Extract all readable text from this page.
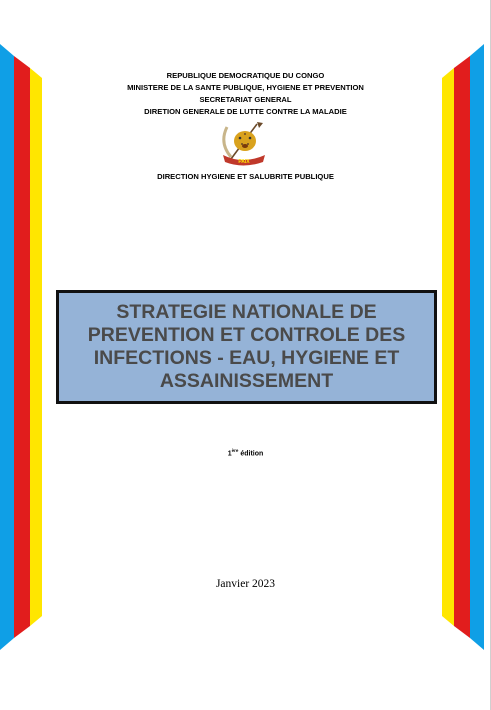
REPUBLIQUE DEMOCRATIQUE DU CONGO
MINISTERE DE LA SANTE PUBLIQUE, HYGIENE ET PREVENTION
SECRETARIAT GENERAL
DIRETION GENERALE DE LUTTE CONTRE LA MALADIE
PAIX
DIRECTION HYGIENE ET SALUBRITE PUBLIQUE

STRATEGIE NATIONALE DE PREVENTION ET CONTROLE DES INFECTIONS - EAU, HYGIENE ET ASSAINISSEMENT

1ère édition
Janvier 2023
